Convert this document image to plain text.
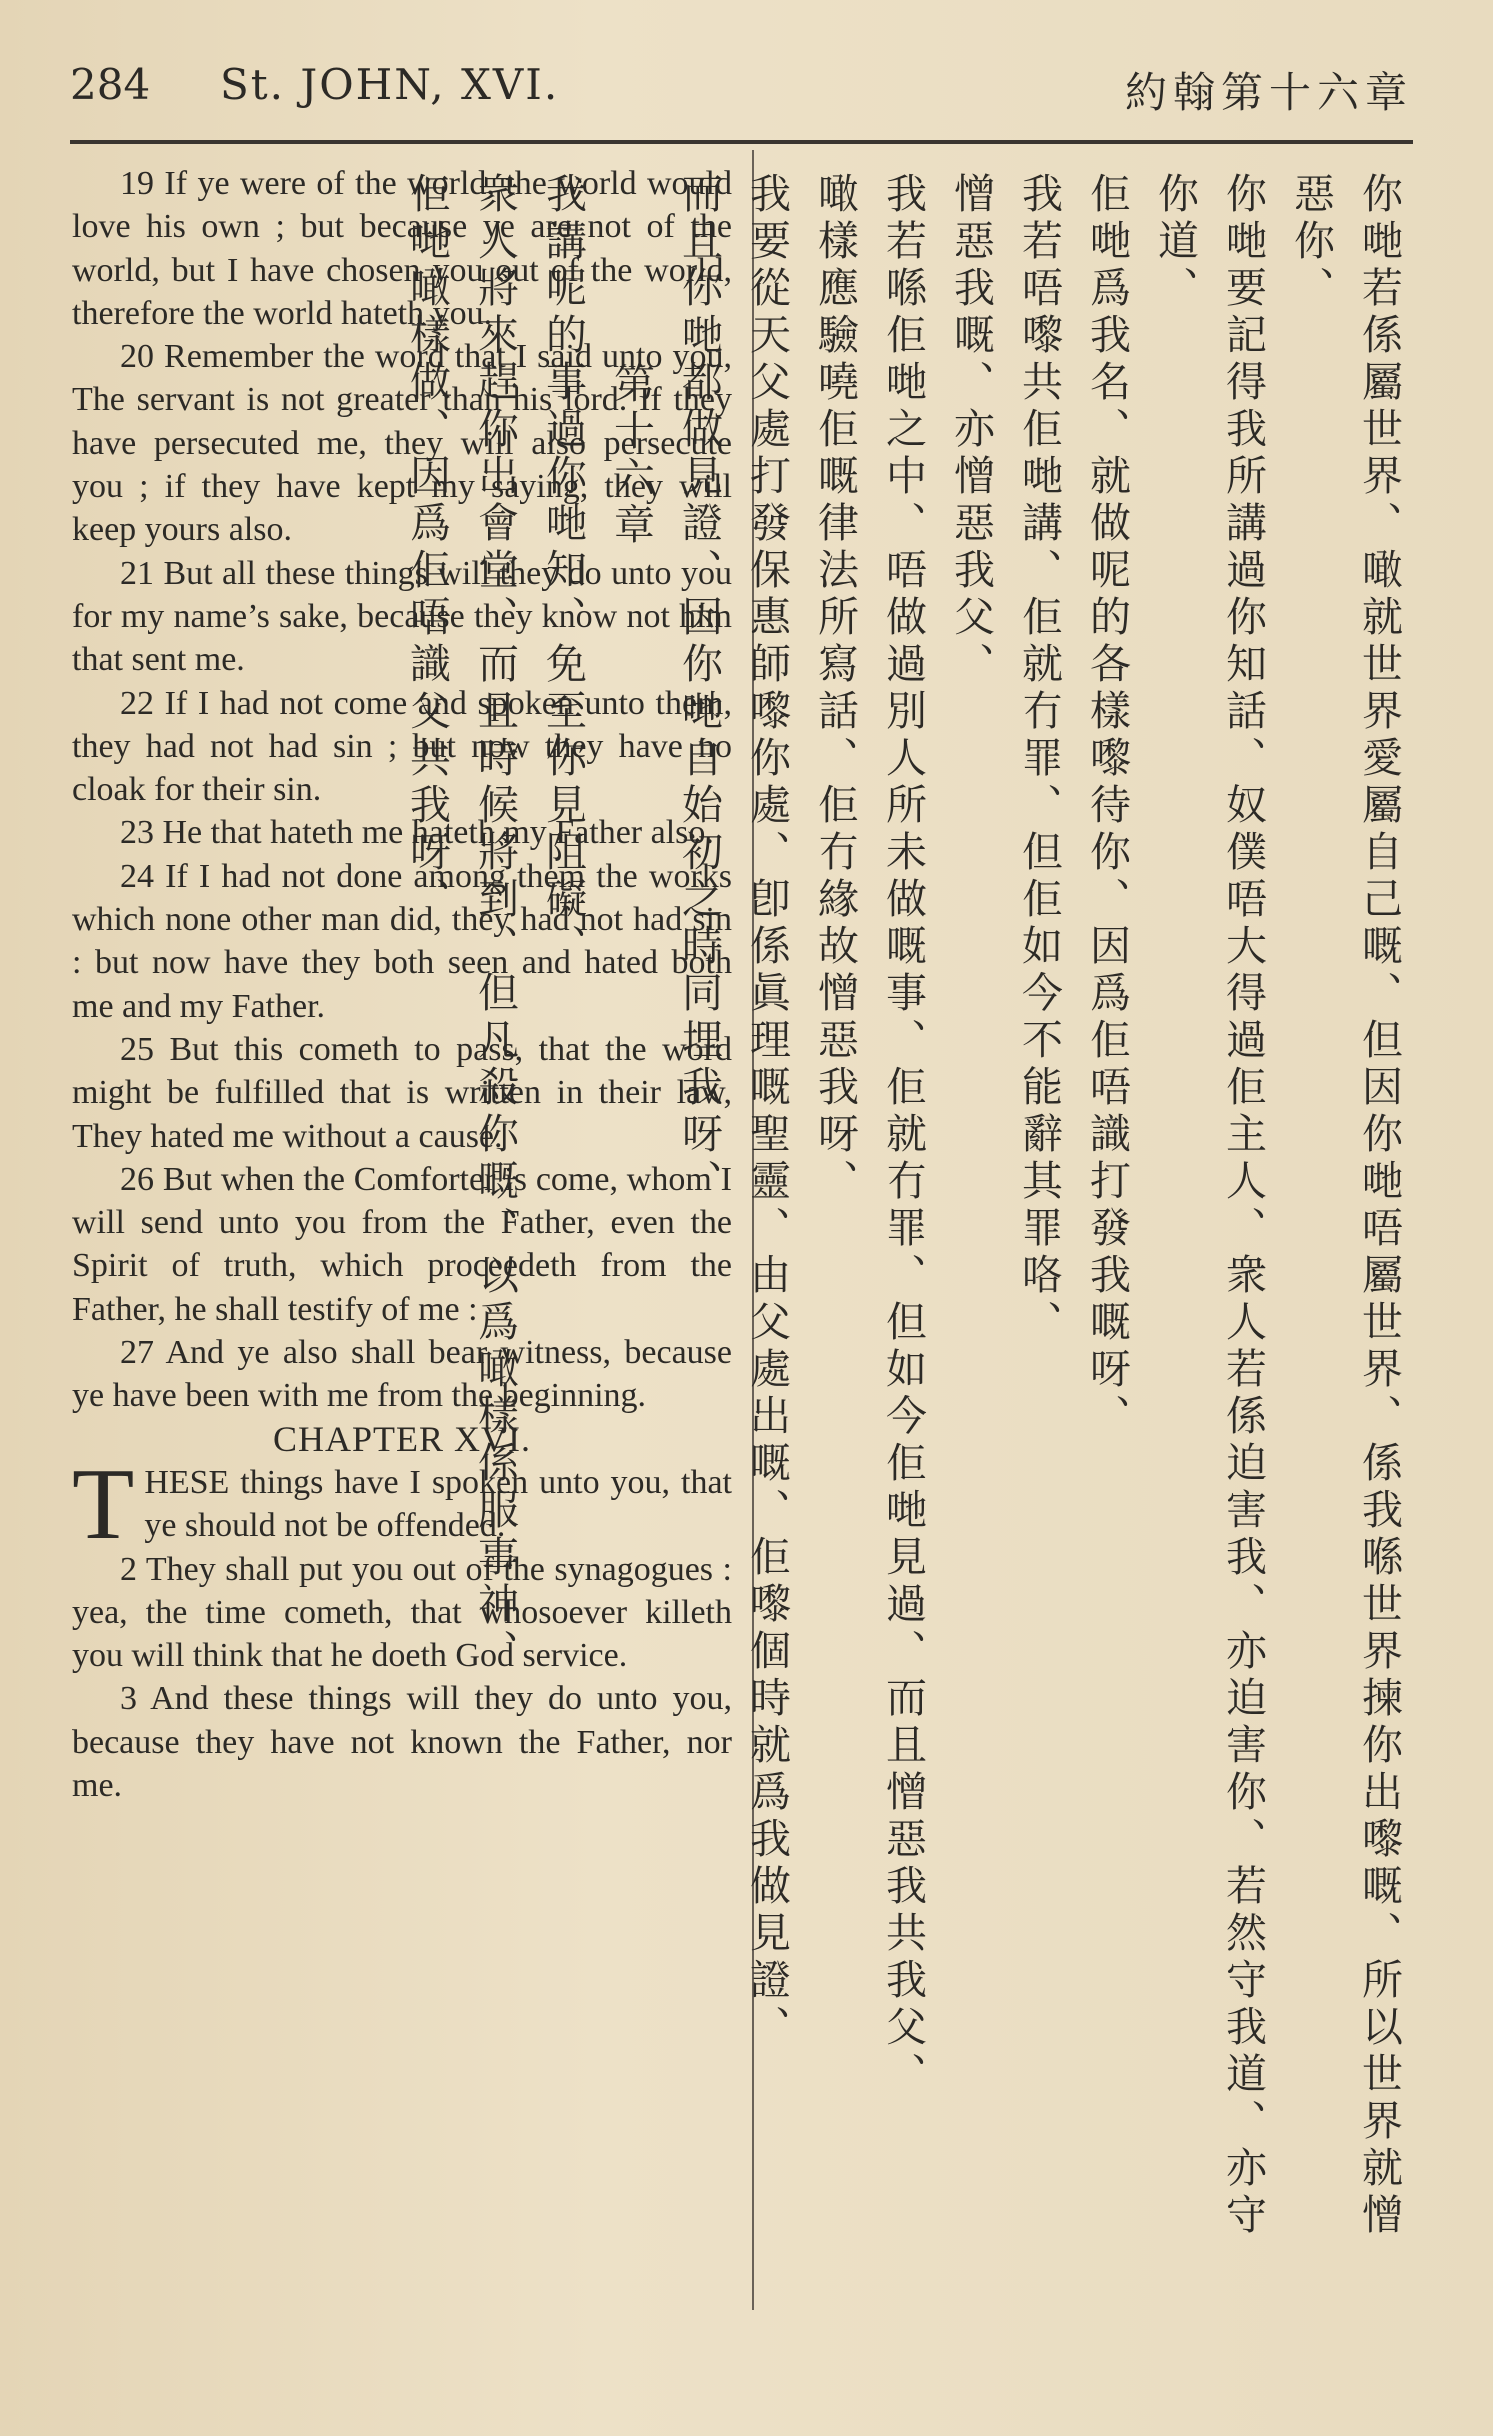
284 St. JOHN, XVI.	約翰第十六章

19 If ye were of the world, the world would love his own ; but because ye are not of the world, but I have chosen you out of the world, therefore the world hateth you.

20 Remember the word that I said unto you, The servant is not greater than his lord. If they have persecuted me, they will also persecute you ; if they have kept my saying, they will keep yours also.

21 But all these things will they do unto you for my name’s sake, because they know not him that sent me.

22 If I had not come and spoken unto them, they had not had sin ; but now they have no cloak for their sin.

23 He that hateth me hateth my Father also.

24 If I had not done among them the works which none other man did, they had not had sin : but now have they both seen and hated both me and my Father.

25 But this cometh to pass, that the word might be fulfilled that is written in their law, They hated me without a cause.

26 But when the Comforter is come, whom I will send unto you from the Father, even the Spirit of truth, which proceedeth from the Father, he shall testify of me :

27 And ye also shall bear witness, because ye have been with me from the beginning.

CHAPTER XVI.

THESE things have I spoken unto you, that ye should not be offended.

2 They shall put you out of the synagogues : yea, the time cometh, that whosoever killeth you will think that he doeth God service.

3 And these things will they do unto you, because they have not known the Father, nor me.	你哋若係屬世界、噉就世界愛屬自己嘅、但因你哋唔屬世界、係我喺世界揀你出嚟嘅、所以世界就憎惡你、

你哋要記得我所講過你知話、奴僕唔大得過佢主人、衆人若係迫害我、亦迫害你、若然守我道、亦守你道、

佢哋爲我名、就做呢的各樣嚟待你、因爲佢唔識打發我嘅呀、

我若唔嚟共佢哋講、佢就冇罪、但佢如今不能辭其罪咯、

憎惡我嘅、亦憎惡我父、

我若喺佢哋之中、唔做過別人所未做嘅事、佢就冇罪、但如今佢哋見過、而且憎惡我共我父、

噉樣應驗嘵佢嘅律法所寫話、佢冇緣故憎惡我呀、

我要從天父處打發保惠師嚟你處、卽係眞理嘅聖靈、由父處出嘅、佢嚟個時就爲我做見證、

而且你哋都做見證、因你哋自始初之時同埋我呀、

第十六章

我講呢的事過你哋知、免至你見阻礙、

衆人將來趕你出會堂、而且時候將到、但凡殺你嘅、以爲噉樣係服事神、

佢哋噉樣做、因爲佢唔識父共我呀、
